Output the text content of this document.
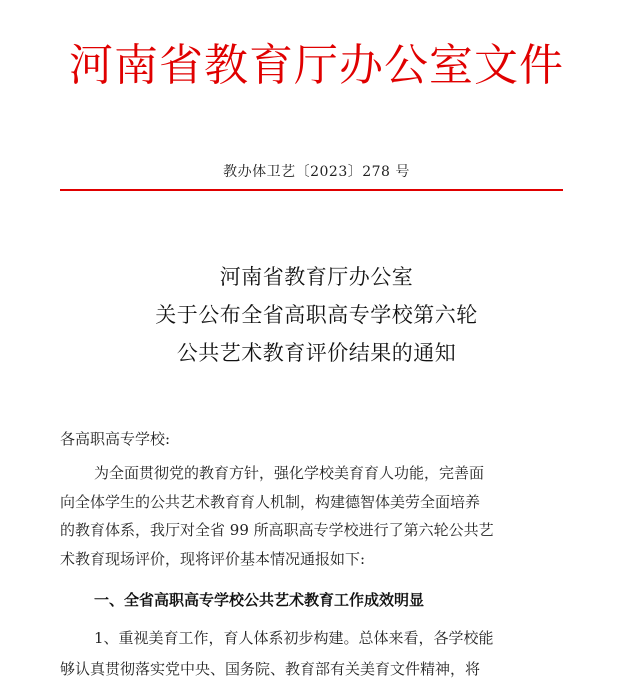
河南省教育厅办公室文件
教办体卫艺〔2023〕278 号
河南省教育厅办公室
关于公布全省高职高专学校第六轮
公共艺术教育评价结果的通知
各高职高专学校:
为全面贯彻党的教育方针，强化学校美育育人功能，完善面
向全体学生的公共艺术教育育人机制，构建德智体美劳全面培养
的教育体系，我厅对全省 99 所高职高专学校进行了第六轮公共艺
术教育现场评价，现将评价基本情况通报如下:
一、全省高职高专学校公共艺术教育工作成效明显
1、重视美育工作，育人体系初步构建。总体来看，各学校能
够认真贯彻落实党中央、国务院、教育部有关美育文件精神，将
